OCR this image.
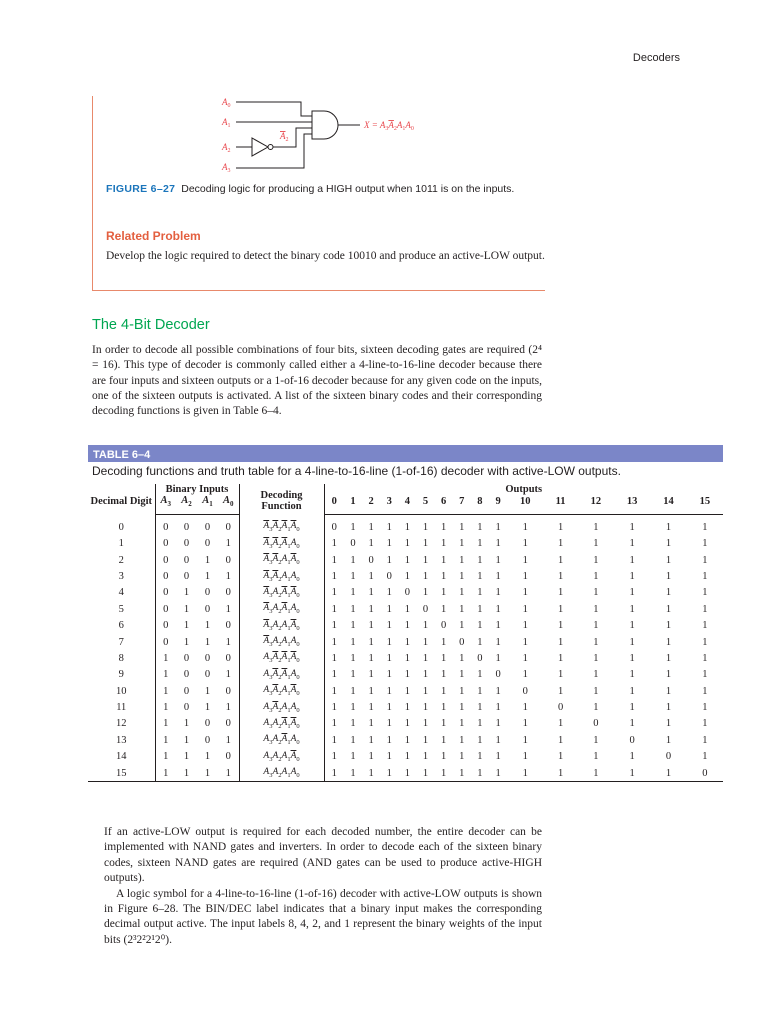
Decoders
$A_0$
$A_1$
$A_2$
$A_3$
$A_2$
$X = A_3A_2A_1A_0$
FIGURE 6–27 Decoding logic for producing a HIGH output when 1011 is on the inputs.
Related Problem
Develop the logic required to detect the binary code 10010 and produce an active-LOW output.
The 4-Bit Decoder
In order to decode all possible combinations of four bits, sixteen decoding gates are required (2⁴ = 16). This type of decoder is commonly called either a 4-line-to-16-line decoder because there are four inputs and sixteen outputs or a 1-of-16 decoder because for any given code on the inputs, one of the sixteen outputs is activated. A list of the sixteen binary codes and their corresponding decoding functions is given in Table 6–4.
TABLE 6–4
Decoding functions and truth table for a 4-line-to-16-line (1-of-16) decoder with active-LOW outputs.
Decimal Digit	Binary Inputs				Decoding Function	Outputs															
	$A_3$	$A_2$	$A_1$	$A_0$		0	1	2	3	4	5	6	7	8	9	10	11	12	13	14	15
0	0	0	0	0	$\overline{A}_3\overline{A}_2\overline{A}_1\overline{A}_0$	0	1	1	1	1	1	1	1	1	1	1	1	1	1	1	1
1	0	0	0	1	$\overline{A}_3\overline{A}_2\overline{A}_1A_0$	1	0	1	1	1	1	1	1	1	1	1	1	1	1	1	1
2	0	0	1	0	$\overline{A}_3\overline{A}_2A_1\overline{A}_0$	1	1	0	1	1	1	1	1	1	1	1	1	1	1	1	1
3	0	0	1	1	$\overline{A}_3\overline{A}_2A_1A_0$	1	1	1	0	1	1	1	1	1	1	1	1	1	1	1	1
4	0	1	0	0	$\overline{A}_3A_2\overline{A}_1\overline{A}_0$	1	1	1	1	0	1	1	1	1	1	1	1	1	1	1	1
5	0	1	0	1	$\overline{A}_3A_2\overline{A}_1A_0$	1	1	1	1	1	0	1	1	1	1	1	1	1	1	1	1
6	0	1	1	0	$\overline{A}_3A_2A_1\overline{A}_0$	1	1	1	1	1	1	0	1	1	1	1	1	1	1	1	1
7	0	1	1	1	$\overline{A}_3A_2A_1A_0$	1	1	1	1	1	1	1	0	1	1	1	1	1	1	1	1
8	1	0	0	0	$A_3\overline{A}_2\overline{A}_1\overline{A}_0$	1	1	1	1	1	1	1	1	0	1	1	1	1	1	1	1
9	1	0	0	1	$A_3\overline{A}_2\overline{A}_1A_0$	1	1	1	1	1	1	1	1	1	0	1	1	1	1	1	1
10	1	0	1	0	$A_3\overline{A}_2A_1\overline{A}_0$	1	1	1	1	1	1	1	1	1	1	0	1	1	1	1	1
11	1	0	1	1	$A_3\overline{A}_2A_1A_0$	1	1	1	1	1	1	1	1	1	1	1	0	1	1	1	1
12	1	1	0	0	$A_3A_2\overline{A}_1\overline{A}_0$	1	1	1	1	1	1	1	1	1	1	1	1	0	1	1	1
13	1	1	0	1	$A_3A_2\overline{A}_1A_0$	1	1	1	1	1	1	1	1	1	1	1	1	1	0	1	1
14	1	1	1	0	$A_3A_2A_1\overline{A}_0$	1	1	1	1	1	1	1	1	1	1	1	1	1	1	0	1
15	1	1	1	1	$A_3A_2A_1A_0$	1	1	1	1	1	1	1	1	1	1	1	1	1	1	1	0

If an active-LOW output is required for each decoded number, the entire decoder can be implemented with NAND gates and inverters. In order to decode each of the sixteen binary codes, sixteen NAND gates are required (AND gates can be used to produce active-HIGH outputs).

A logic symbol for a 4-line-to-16-line (1-of-16) decoder with active-LOW outputs is shown in Figure 6–28. The BIN/DEC label indicates that a binary input makes the corresponding decimal output active. The input labels 8, 4, 2, and 1 represent the binary weights of the input bits (2³2²2¹2⁰).
